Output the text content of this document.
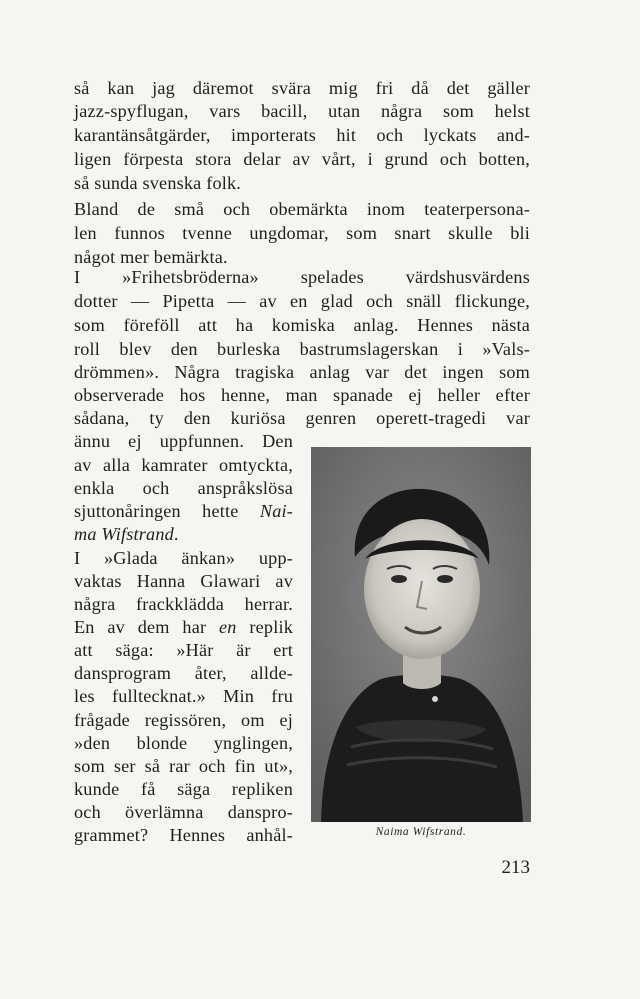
så kan jag däremot svära mig fri då det gäller
jazz-spyflugan, vars bacill, utan några som helst
karantänsåtgärder, importerats hit och lyckats and-
ligen förpesta stora delar av vårt, i grund och botten,
så sunda svenska folk.
Bland de små och obemärkta inom teaterpersona-
len funnos tvenne ungdomar, som snart skulle bli
något mer bemärkta.
I »Frihetsbröderna» spelades värdshusvärdens
dotter — Pipetta — av en glad och snäll flickunge,
som föreföll att ha komiska anlag. Hennes nästa
roll blev den burleska bastrumslagerskan i »Vals-
drömmen». Några tragiska anlag var det ingen som
observerade hos henne, man spanade ej heller efter
sådana, ty den kuriösa genren operett-tragedi var
ännu ej uppfunnen. Den
av alla kamrater omtyckta,
enkla och anspråkslösa
sjuttonåringen hette Nai-
ma Wifstrand.
I »Glada änkan» upp-
vaktas Hanna Glawari av
några frackklädda herrar.
En av dem har en replik
att säga: »Här är ert
dansprogram åter, allde-
les fulltecknat.» Min fru
frågade regissören, om ej
»den blonde ynglingen,
som ser så rar och fin ut»,
kunde få säga repliken
och överlämna danspro-
grammet? Hennes anhål-	Naima Wifstrand.
213
